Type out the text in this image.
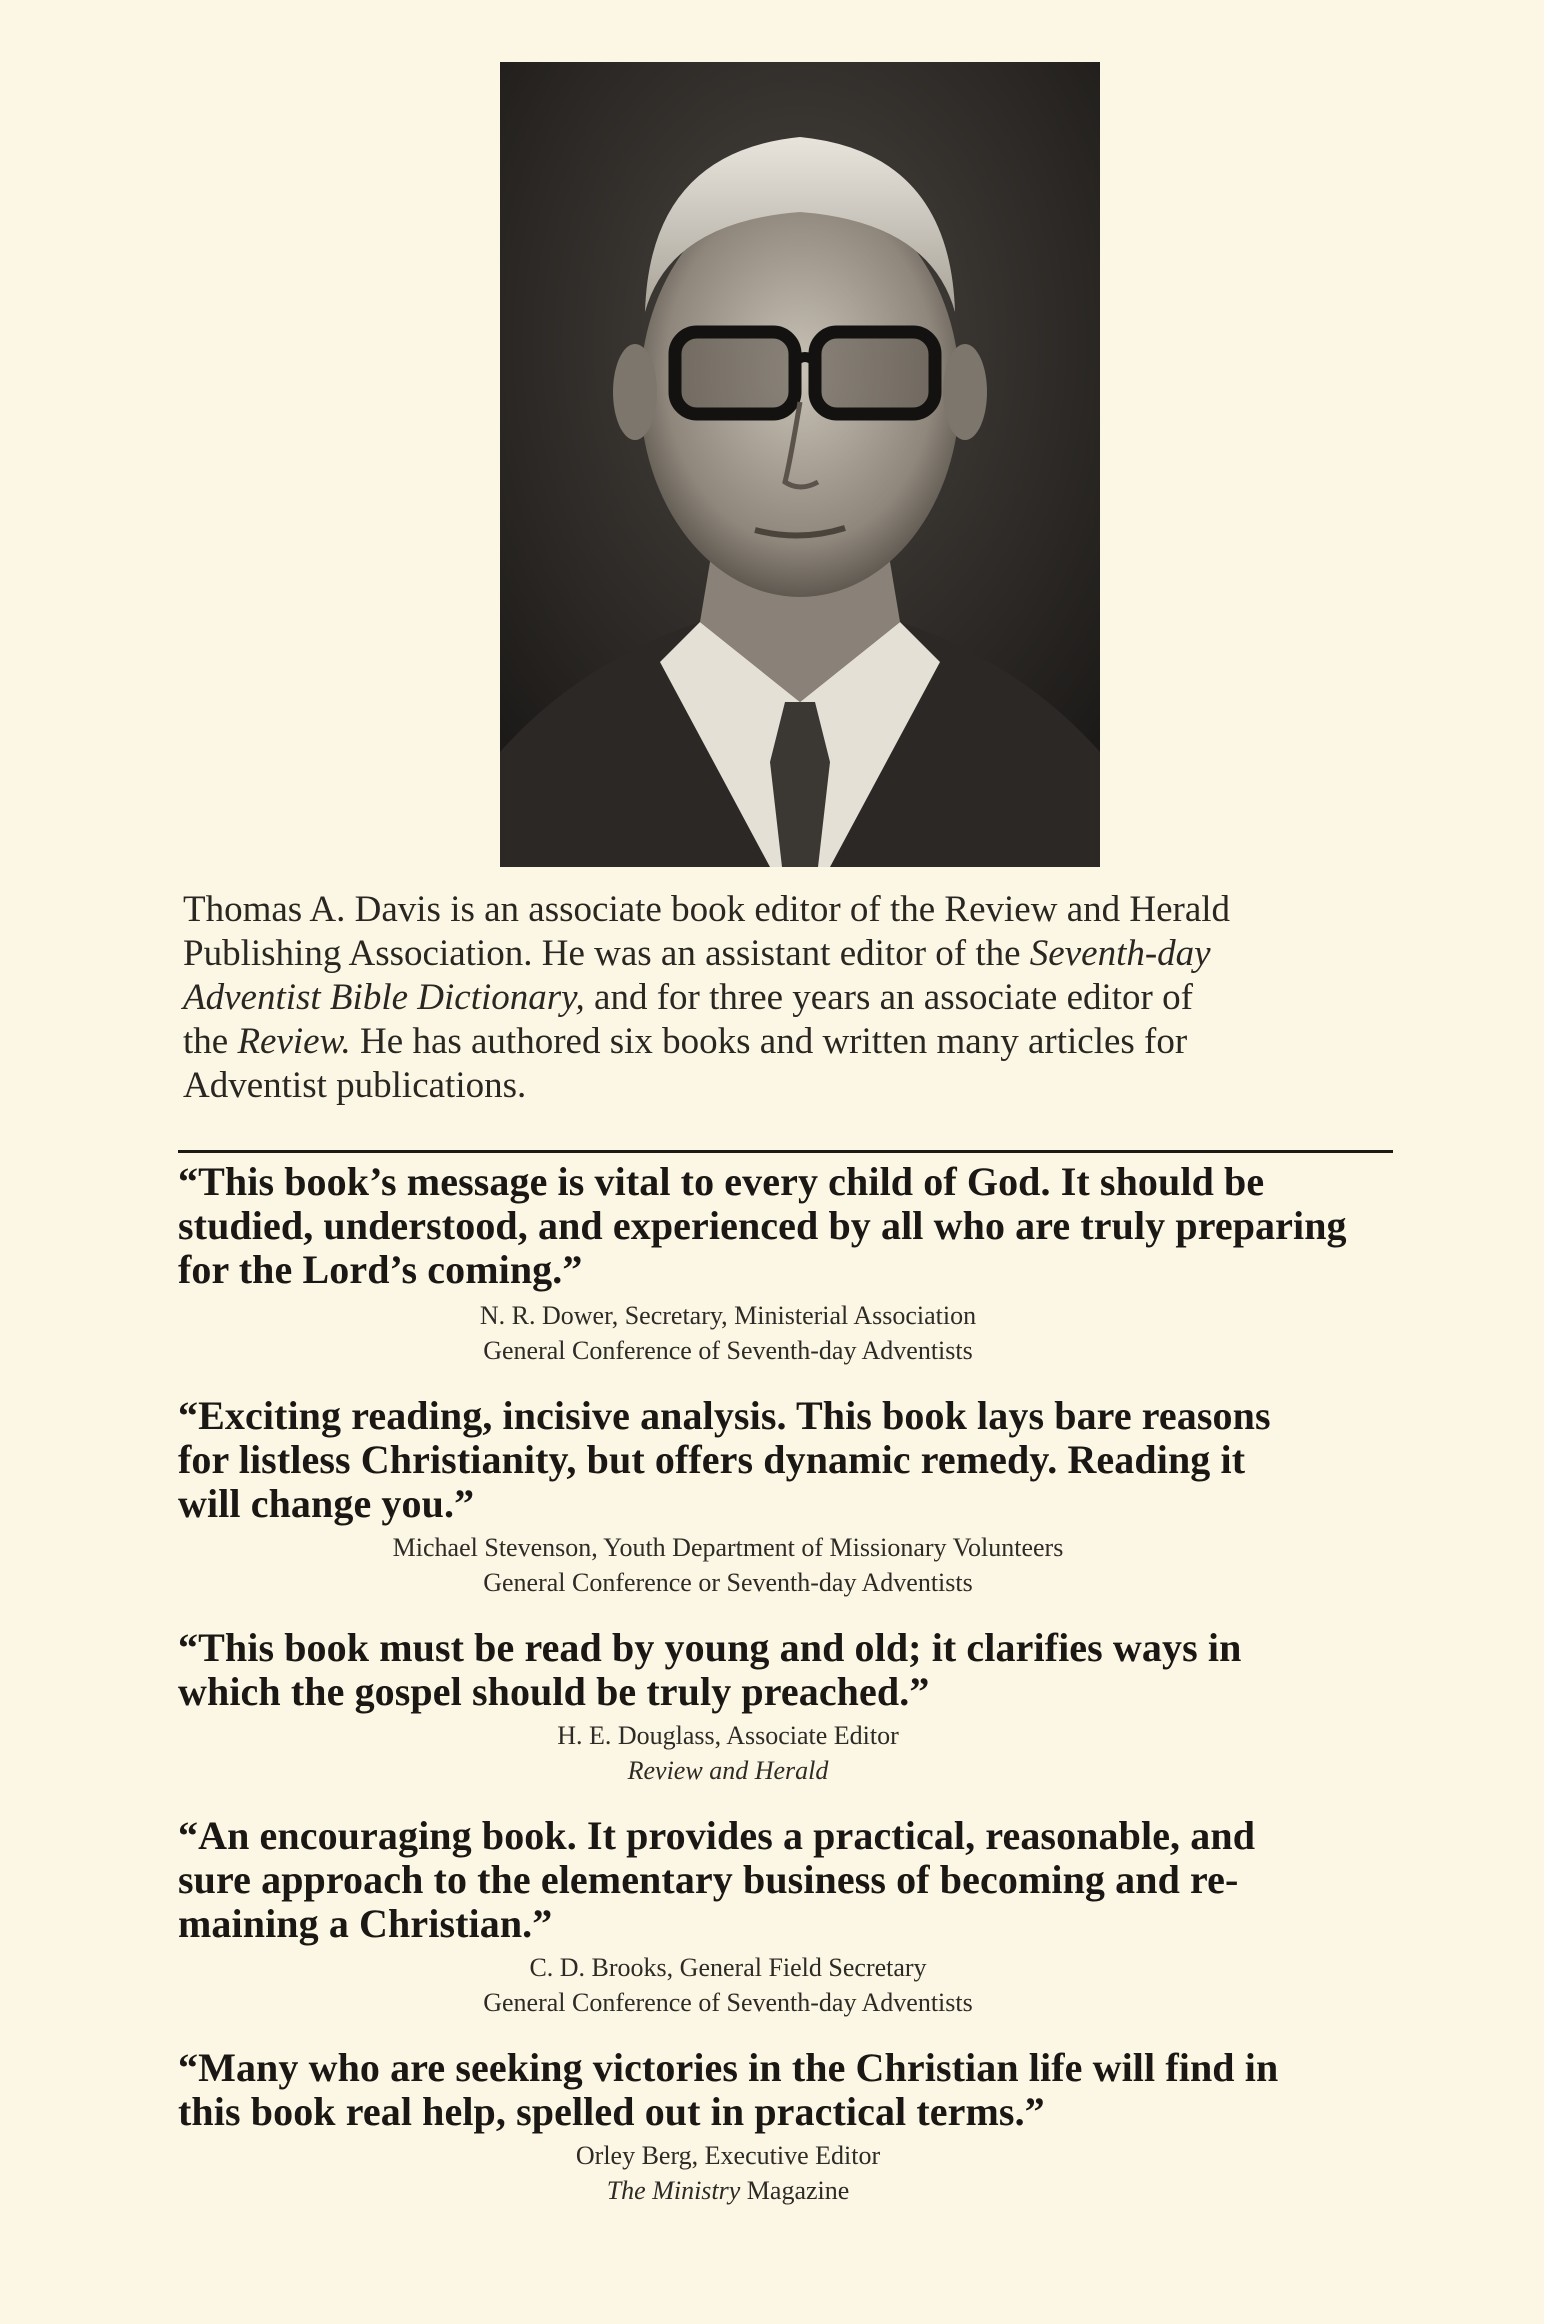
Thomas A. Davis is an associate book editor of the Review and Herald
Publishing Association. He was an assistant editor of the Seventh-day
Adventist Bible Dictionary, and for three years an associate editor of
the Review. He has authored six books and written many articles for
Adventist publications.
“This book’s message is vital to every child of God. It should be
studied, understood, and experienced by all who are truly preparing
for the Lord’s coming.”
N. R. Dower, Secretary, Ministerial Association
General Conference of Seventh-day Adventists
“Exciting reading, incisive analysis. This book lays bare reasons
for listless Christianity, but offers dynamic remedy. Reading it
will change you.”
Michael Stevenson, Youth Department of Missionary Volunteers
General Conference or Seventh-day Adventists
“This book must be read by young and old; it clarifies ways in
which the gospel should be truly preached.”
H. E. Douglass, Associate Editor
Review and Herald
“An encouraging book. It provides a practical, reasonable, and
sure approach to the elementary business of becoming and re-
maining a Christian.”
C. D. Brooks, General Field Secretary
General Conference of Seventh-day Adventists
“Many who are seeking victories in the Christian life will find in
this book real help, spelled out in practical terms.”
Orley Berg, Executive Editor
The Ministry Magazine
